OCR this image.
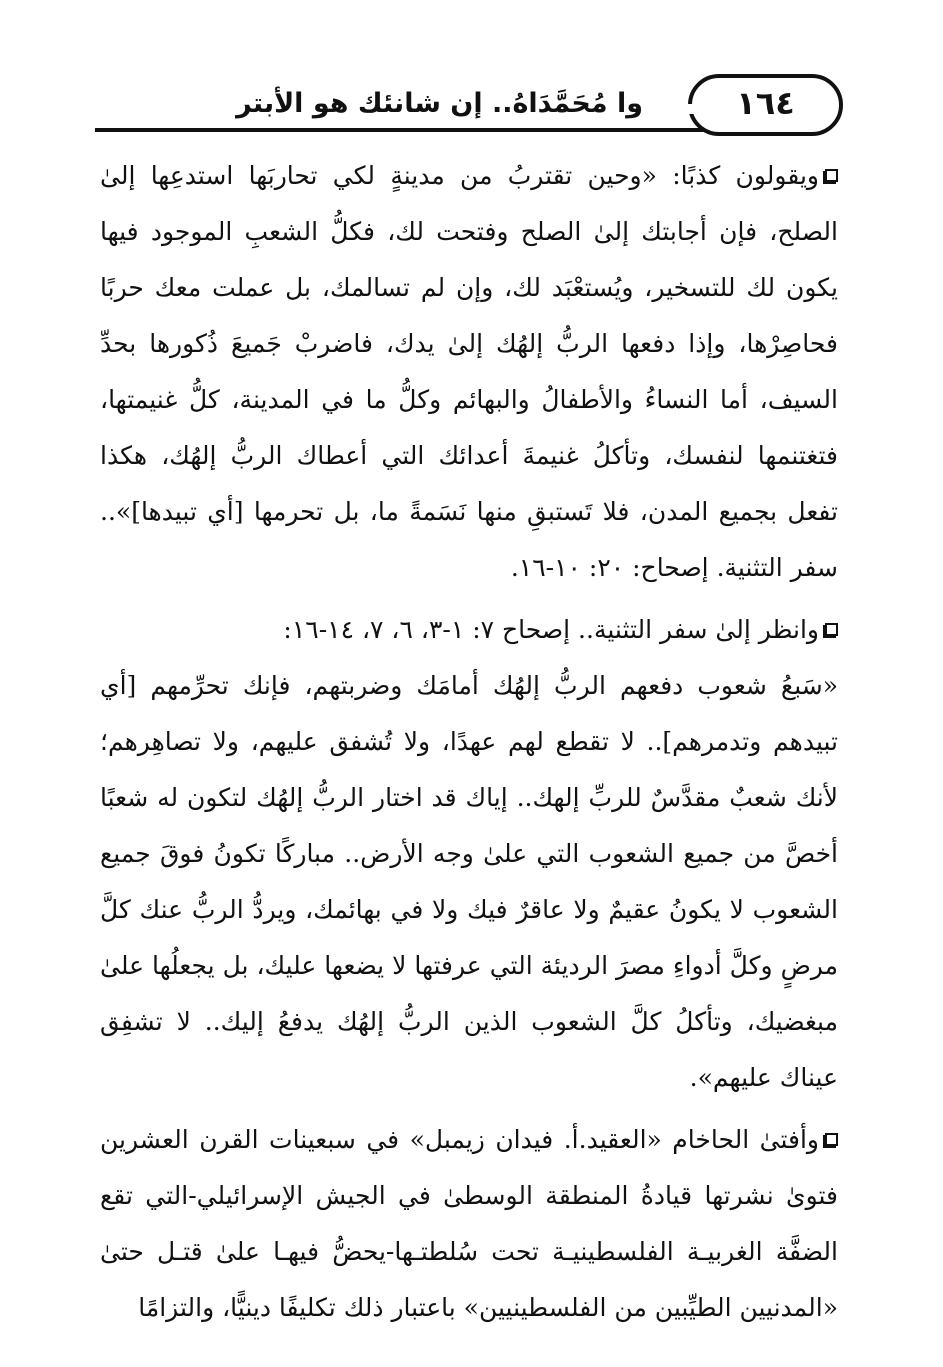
وا مُحَمَّدَاهُ.. إن شانئك هو الأبتر	١٦٤

ويقولون كذبًا: «وحين تقتربُ من مدينةٍ لكي تحاربَها استدعِها إلىٰ الصلح، فإن أجابتك إلىٰ الصلح وفتحت لك، فكلُّ الشعبِ الموجود فيها يكون لك للتسخير، ويُستعْبَد لك، وإن لم تسالمك، بل عملت معك حربًا فحاصِرْها، وإذا دفعها الربُّ إلهُك إلىٰ يدك، فاضربْ جَميعَ ذُكورها بحدِّ السيف، أما النساءُ والأطفالُ والبهائم وكلُّ ما في المدينة، كلُّ غنيمتها، فتغتنمها لنفسك، وتأكلُ غنيمةَ أعدائك التي أعطاك الربُّ إلهُك، هكذا تفعل بجميع المدن، فلا تَستبقِ منها نَسَمةً ما، بل تحرمها [أي تبيدها]».. سفر التثنية. إصحاح: ٢٠: ١٠-١٦.

وانظر إلىٰ سفر التثنية.. إصحاح ٧: ١-٣، ٦، ٧، ١٤-١٦:

«سَبعُ شعوب دفعهم الربُّ إلهُك أمامَك وضربتهم، فإنك تحرِّمهم [أي تبيدهم وتدمرهم].. لا تقطع لهم عهدًا، ولا تُشفق عليهم، ولا تصاهِرهم؛ لأنك شعبٌ مقدَّسٌ للربِّ إلهك.. إياك قد اختار الربُّ إلهُك لتكون له شعبًا أخصَّ من جميع الشعوب التي علىٰ وجه الأرض.. مباركًا تكونُ فوقَ جميع الشعوب لا يكونُ عقيمٌ ولا عاقرٌ فيك ولا في بهائمك، ويردُّ الربُّ عنك كلَّ مرضٍ وكلَّ أدواءِ مصرَ الرديئة التي عرفتها لا يضعها عليك، بل يجعلُها علىٰ مبغضيك، وتأكلُ كلَّ الشعوب الذين الربُّ إلهُك يدفعُ إليك.. لا تشفِق عيناك عليهم».

وأفتىٰ الحاخام «العقيد.أ. فيدان زيمبل» في سبعينات القرن العشرين فتوىٰ نشرتها قيادةُ المنطقة الوسطىٰ في الجيش الإسرائيلي-التي تقع الضفَّة الغربيـة الفلسطينيـة تحت سُلطتـها-يحضُّ فيهـا علىٰ قتـل حتىٰ «المدنيين الطيِّبين من الفلسطينيين» باعتبار ذلك تكليفًا دينيًّا، والتزامًا
